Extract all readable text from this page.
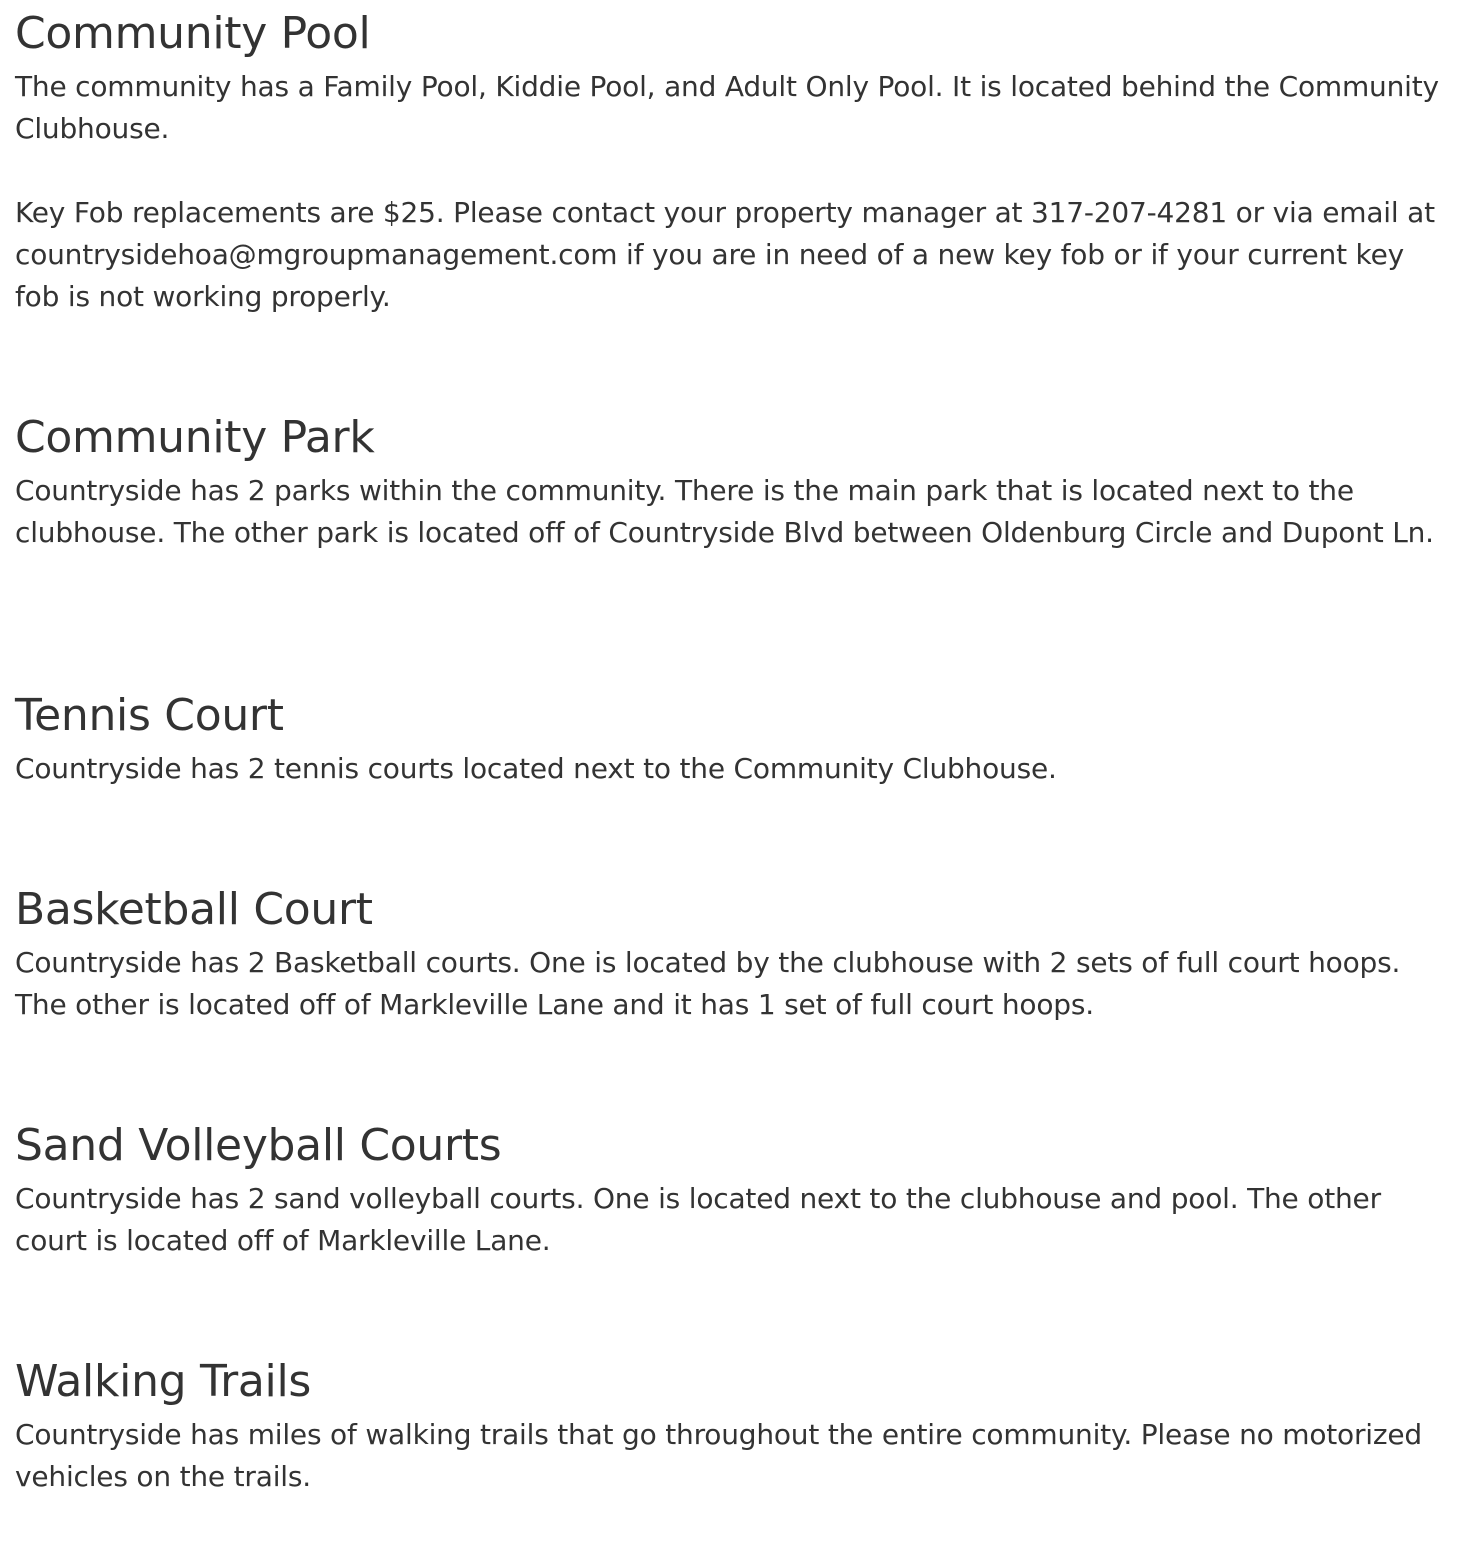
Community Pool

The community has a Family Pool, Kiddie Pool, and Adult Only Pool. It is located behind the Community Clubhouse.

Key Fob replacements are $25. Please contact your property manager at 317-207-4281 or via email at countrysidehoa@mgroupmanagement.com if you are in need of a new key fob or if your current key fob is not working properly.

Community Park

Countryside has 2 parks within the community. There is the main park that is located next to the clubhouse. The other park is located off of Countryside Blvd between Oldenburg Circle and Dupont Ln.

Tennis Court

Countryside has 2 tennis courts located next to the Community Clubhouse.

Basketball Court

Countryside has 2 Basketball courts. One is located by the clubhouse with 2 sets of full court hoops. The other is located off of Markleville Lane and it has 1 set of full court hoops.

Sand Volleyball Courts

Countryside has 2 sand volleyball courts. One is located next to the clubhouse and pool. The other court is located off of Markleville Lane.

Walking Trails

Countryside has miles of walking trails that go throughout the entire community. Please no motorized vehicles on the trails.
